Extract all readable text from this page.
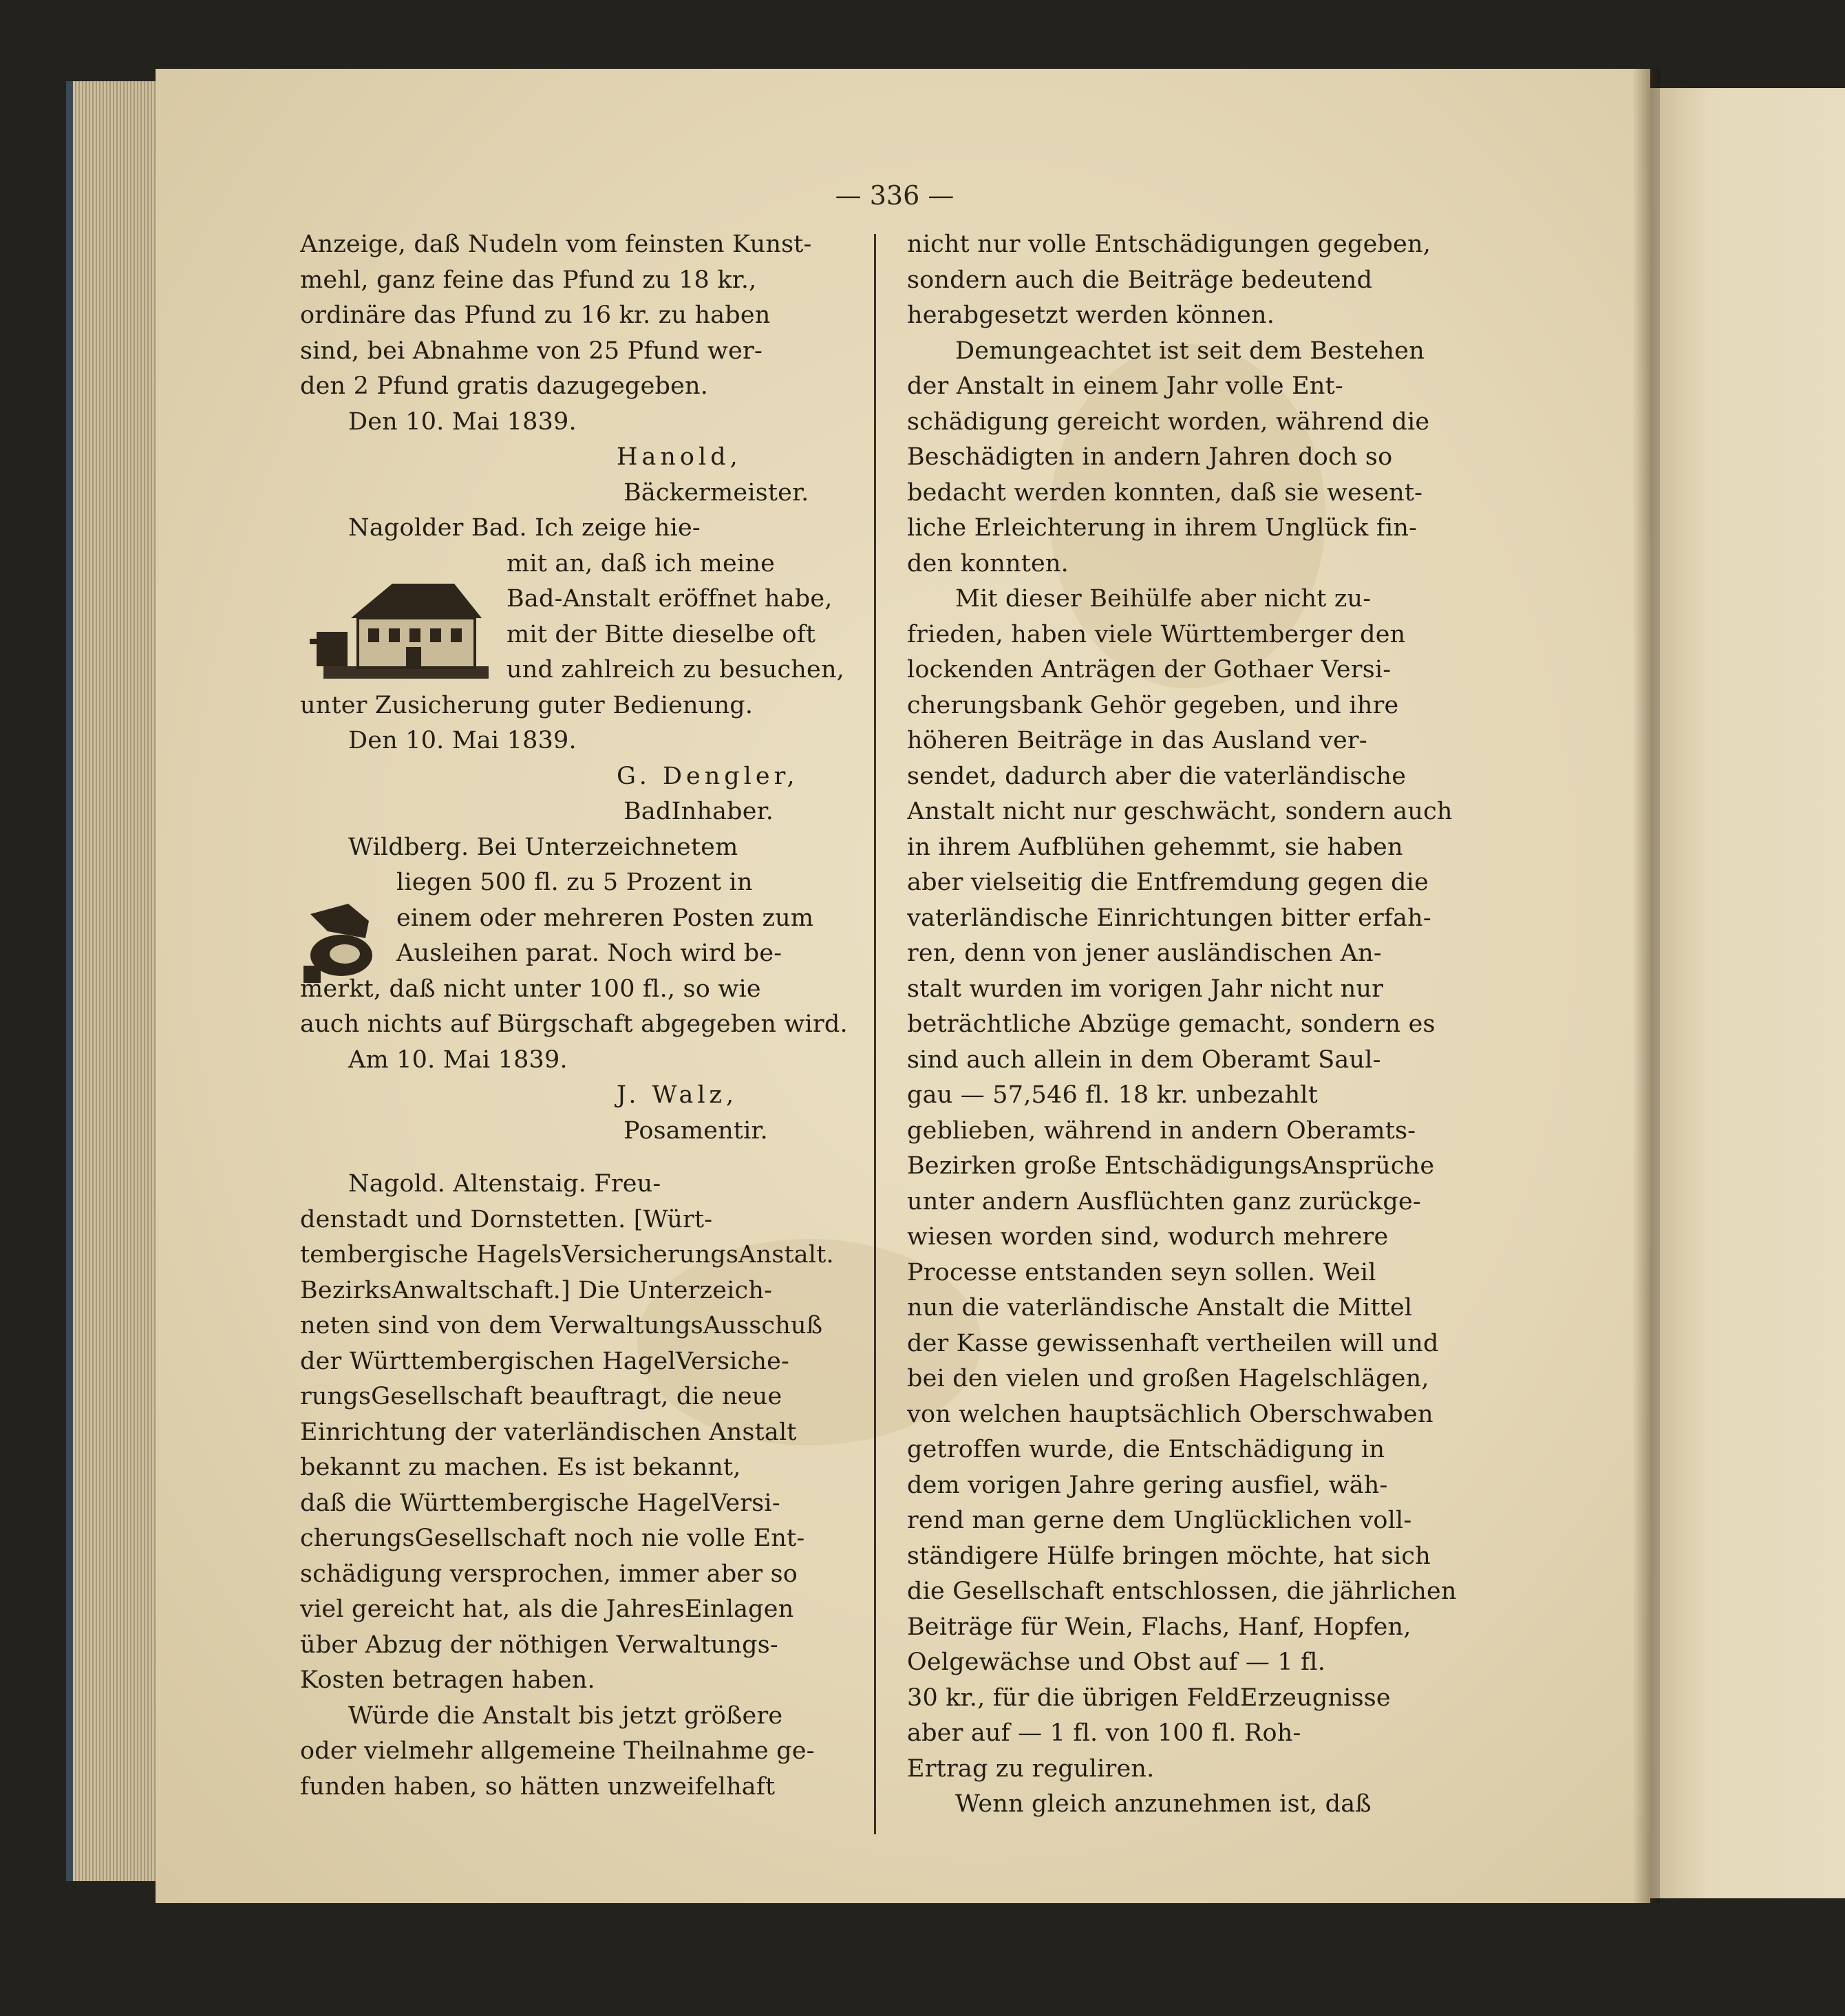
— 336 —
Anzeige, daß Nudeln vom feinsten Kunst-
mehl, ganz feine das Pfund zu 18 kr.,
ordinäre das Pfund zu 16 kr. zu haben
sind, bei Abnahme von 25 Pfund wer-
den 2 Pfund gratis dazugegeben.
Den 10. Mai 1839.
Hanold,
Bäckermeister.
Nagolder Bad. Ich zeige hie-
mit an, daß ich meine
Bad-Anstalt eröffnet habe,
mit der Bitte dieselbe oft
und zahlreich zu besuchen,
unter Zusicherung guter Bedienung.
Den 10. Mai 1839.
G. Dengler,
BadInhaber.
Wildberg. Bei Unterzeichnetem
liegen 500 fl. zu 5 Prozent in
einem oder mehreren Posten zum
Ausleihen parat. Noch wird be-
merkt, daß nicht unter 100 fl., so wie
auch nichts auf Bürgschaft abgegeben wird.
Am 10. Mai 1839.
J. Walz,
Posamentir.
Nagold. Altenstaig. Freu-
denstadt und Dornstetten. [Würt-
tembergische HagelsVersicherungsAnstalt.
BezirksAnwaltschaft.] Die Unterzeich-
neten sind von dem VerwaltungsAusschuß
der Württembergischen HagelVersiche-
rungsGesellschaft beauftragt, die neue
Einrichtung der vaterländischen Anstalt
bekannt zu machen. Es ist bekannt,
daß die Württembergische HagelVersi-
cherungsGesellschaft noch nie volle Ent-
schädigung versprochen, immer aber so
viel gereicht hat, als die JahresEinlagen
über Abzug der nöthigen Verwaltungs-
Kosten betragen haben.
Würde die Anstalt bis jetzt größere
oder vielmehr allgemeine Theilnahme ge-
funden haben, so hätten unzweifelhaft
nicht nur volle Entschädigungen gegeben,
sondern auch die Beiträge bedeutend
herabgesetzt werden können.
Demungeachtet ist seit dem Bestehen
der Anstalt in einem Jahr volle Ent-
schädigung gereicht worden, während die
Beschädigten in andern Jahren doch so
bedacht werden konnten, daß sie wesent-
liche Erleichterung in ihrem Unglück fin-
den konnten.
Mit dieser Beihülfe aber nicht zu-
frieden, haben viele Württemberger den
lockenden Anträgen der Gothaer Versi-
cherungsbank Gehör gegeben, und ihre
höheren Beiträge in das Ausland ver-
sendet, dadurch aber die vaterländische
Anstalt nicht nur geschwächt, sondern auch
in ihrem Aufblühen gehemmt, sie haben
aber vielseitig die Entfremdung gegen die
vaterländische Einrichtungen bitter erfah-
ren, denn von jener ausländischen An-
stalt wurden im vorigen Jahr nicht nur
beträchtliche Abzüge gemacht, sondern es
sind auch allein in dem Oberamt Saul-
gau — 57,546 fl. 18 kr. unbezahlt
geblieben, während in andern Oberamts-
Bezirken große EntschädigungsAnsprüche
unter andern Ausflüchten ganz zurückge-
wiesen worden sind, wodurch mehrere
Processe entstanden seyn sollen. Weil
nun die vaterländische Anstalt die Mittel
der Kasse gewissenhaft vertheilen will und
bei den vielen und großen Hagelschlägen,
von welchen hauptsächlich Oberschwaben
getroffen wurde, die Entschädigung in
dem vorigen Jahre gering ausfiel, wäh-
rend man gerne dem Unglücklichen voll-
ständigere Hülfe bringen möchte, hat sich
die Gesellschaft entschlossen, die jährlichen
Beiträge für Wein, Flachs, Hanf, Hopfen,
Oelgewächse und Obst auf — 1 fl.
30 kr., für die übrigen FeldErzeugnisse
aber auf — 1 fl. von 100 fl. Roh-
Ertrag zu reguliren.
Wenn gleich anzunehmen ist, daß
